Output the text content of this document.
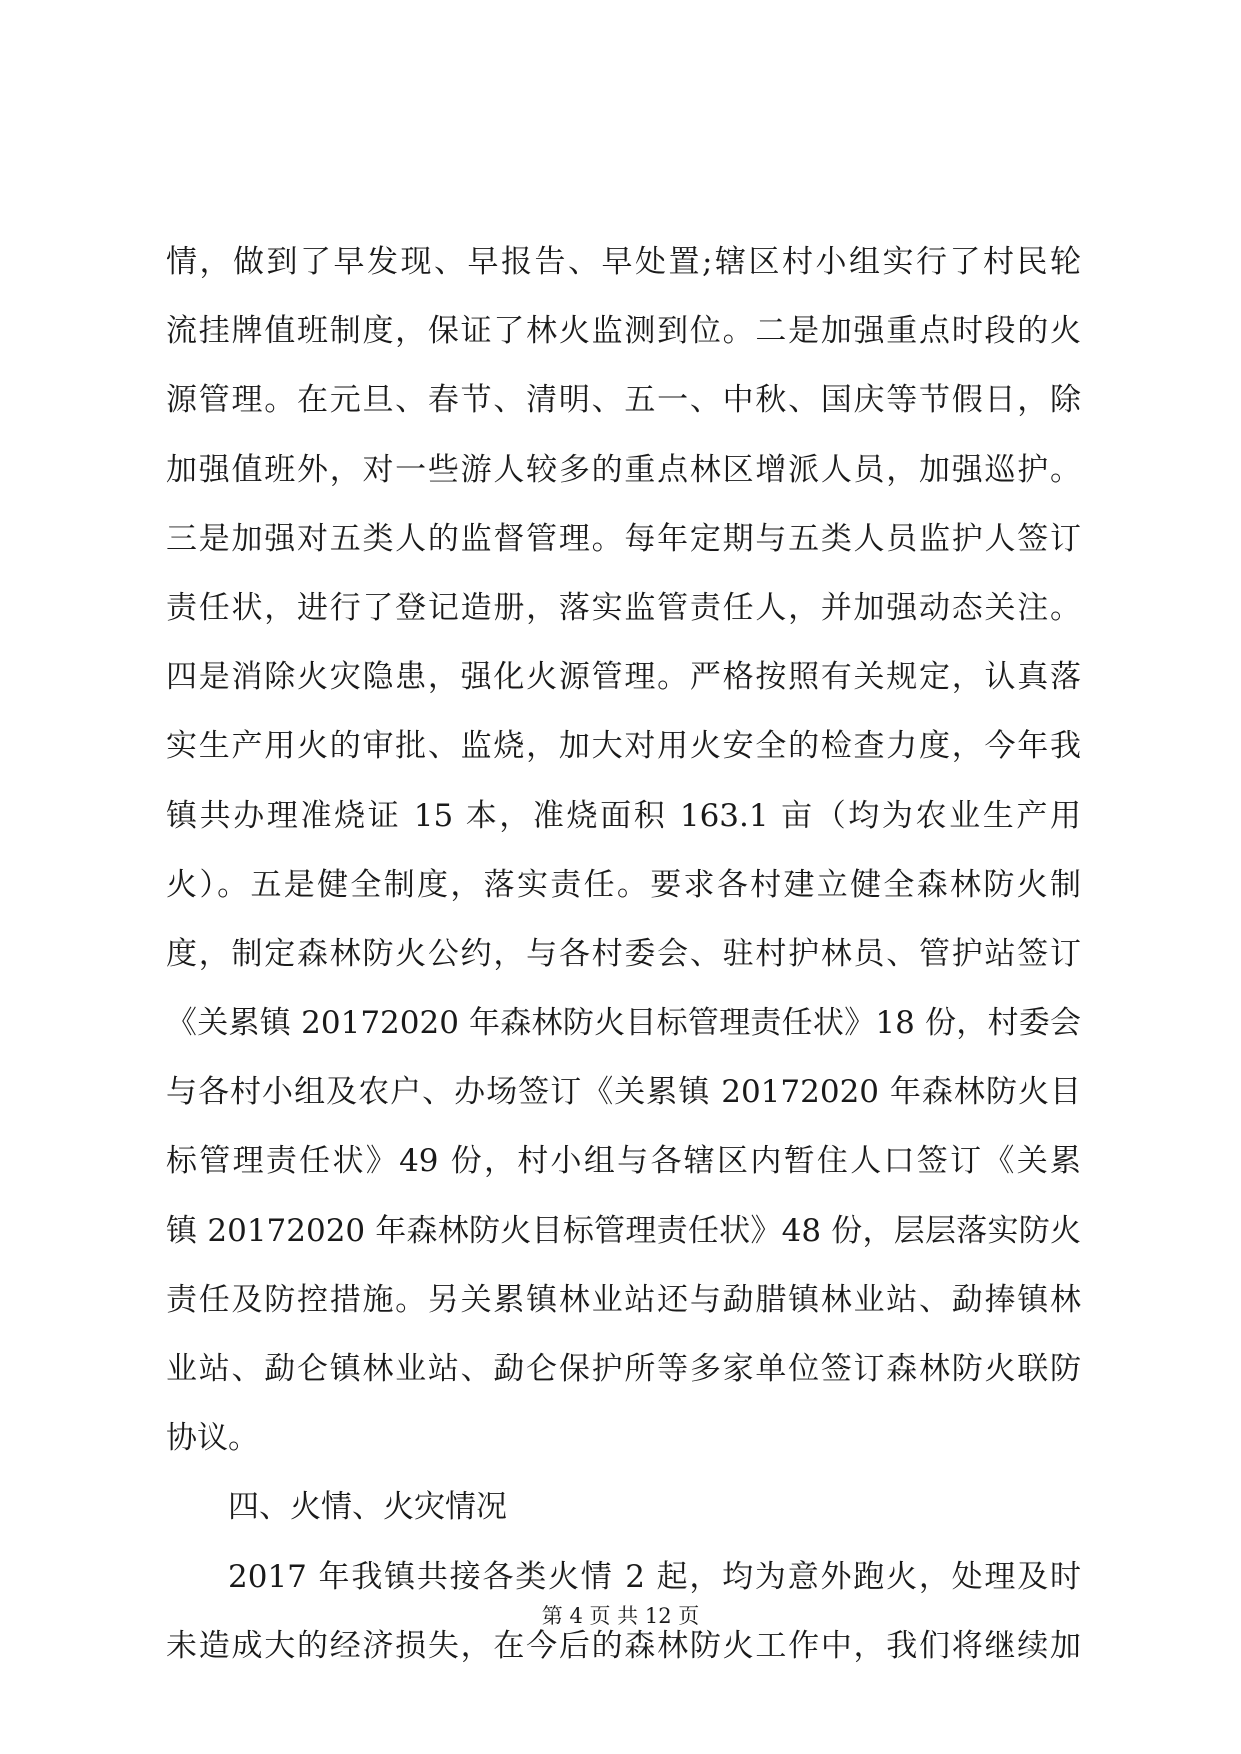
情，做到了早发现、早报告、早处置;辖区村小组实行了村民轮
流挂牌值班制度，保证了林火监测到位。二是加强重点时段的火
源管理。在元旦、春节、清明、五一、中秋、国庆等节假日，除
加强值班外，对一些游人较多的重点林区增派人员，加强巡护。
三是加强对五类人的监督管理。每年定期与五类人员监护人签订
责任状，进行了登记造册，落实监管责任人，并加强动态关注。
四是消除火灾隐患，强化火源管理。严格按照有关规定，认真落
实生产用火的审批、监烧，加大对用火安全的检查力度，今年我
镇共办理准烧证 15 本，准烧面积 163.1 亩（均为农业生产用
火）。五是健全制度，落实责任。要求各村建立健全森林防火制
度，制定森林防火公约，与各村委会、驻村护林员、管护站签订
《关累镇 20172020 年森林防火目标管理责任状》18 份，村委会
与各村小组及农户、办场签订《关累镇 20172020 年森林防火目
标管理责任状》49 份，村小组与各辖区内暂住人口签订《关累
镇 20172020 年森林防火目标管理责任状》48 份，层层落实防火
责任及防控措施。另关累镇林业站还与勐腊镇林业站、勐捧镇林
业站、勐仑镇林业站、勐仑保护所等多家单位签订森林防火联防
协议。
四、火情、火灾情况
2017 年我镇共接各类火情 2 起，均为意外跑火，处理及时
未造成大的经济损失，在今后的森林防火工作中，我们将继续加
第 4 页 共 12 页
